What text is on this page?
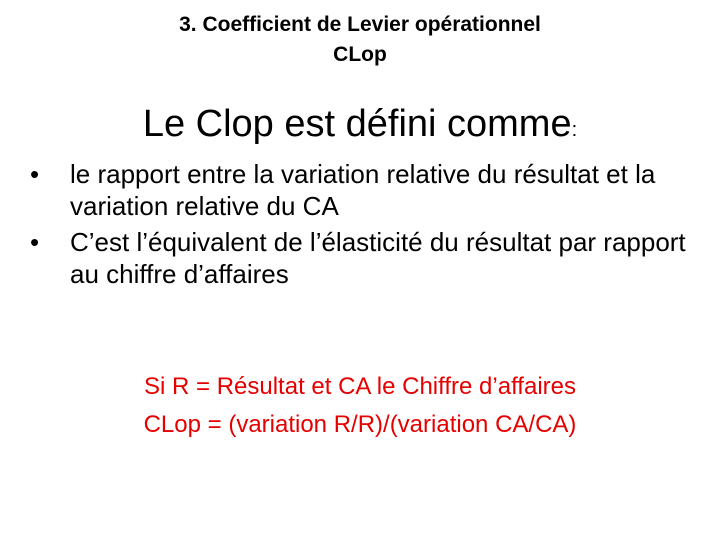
3. Coefficient de Levier opérationnel
CLop
Le Clop est défini comme:
•	le rapport entre la variation relative du résultat et la variation relative du CA
•	C’est l’équivalent de l’élasticité du résultat par rapport au chiffre d’affaires
Si R = Résultat et CA le Chiffre d’affaires
CLop = (variation R/R)/(variation CA/CA)
